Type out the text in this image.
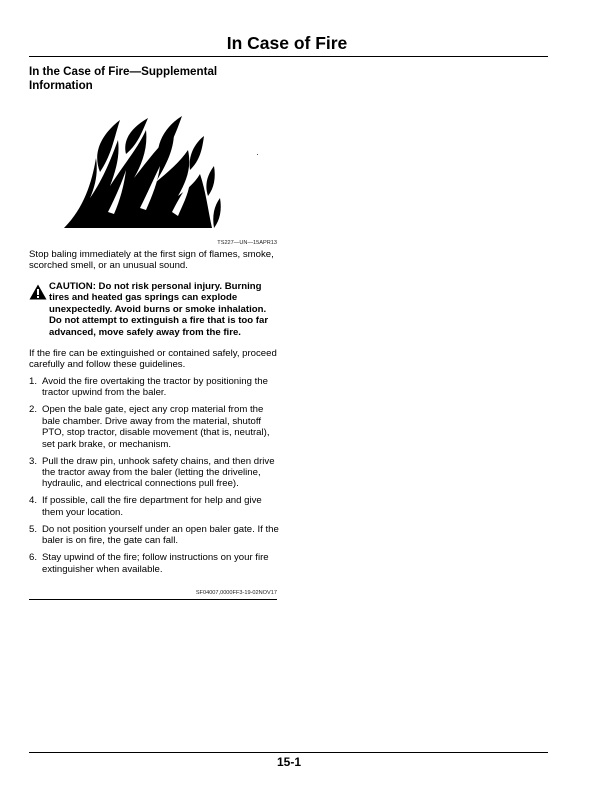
In Case of Fire
In the Case of Fire—Supplemental Information
TS227—UN—15APR13

Stop baling immediately at the first sign of flames, smoke, scorched smell, or an unusual sound.

CAUTION: Do not risk personal injury. Burning tires and heated gas springs can explode unexpectedly. Avoid burns or smoke inhalation. Do not attempt to extinguish a fire that is too far advanced, move safely away from the fire.

If the fire can be extinguished or contained safely, proceed carefully and follow these guidelines.

1. Avoid the fire overtaking the tractor by positioning the tractor upwind from the baler.
2. Open the bale gate, eject any crop material from the bale chamber. Drive away from the material, shutoff PTO, stop tractor, disable movement (that is, neutral), set park brake, or mechanism.
3. Pull the draw pin, unhook safety chains, and then drive the tractor away from the baler (letting the driveline, hydraulic, and electrical connections pull free).
4. If possible, call the fire department for help and give them your location.
5. Do not position yourself under an open baler gate. If the baler is on fire, the gate can fall.
6. Stay upwind of the fire; follow instructions on your fire extinguisher when available.
SF04007,0000FF3-19-02NOV17
15-1
